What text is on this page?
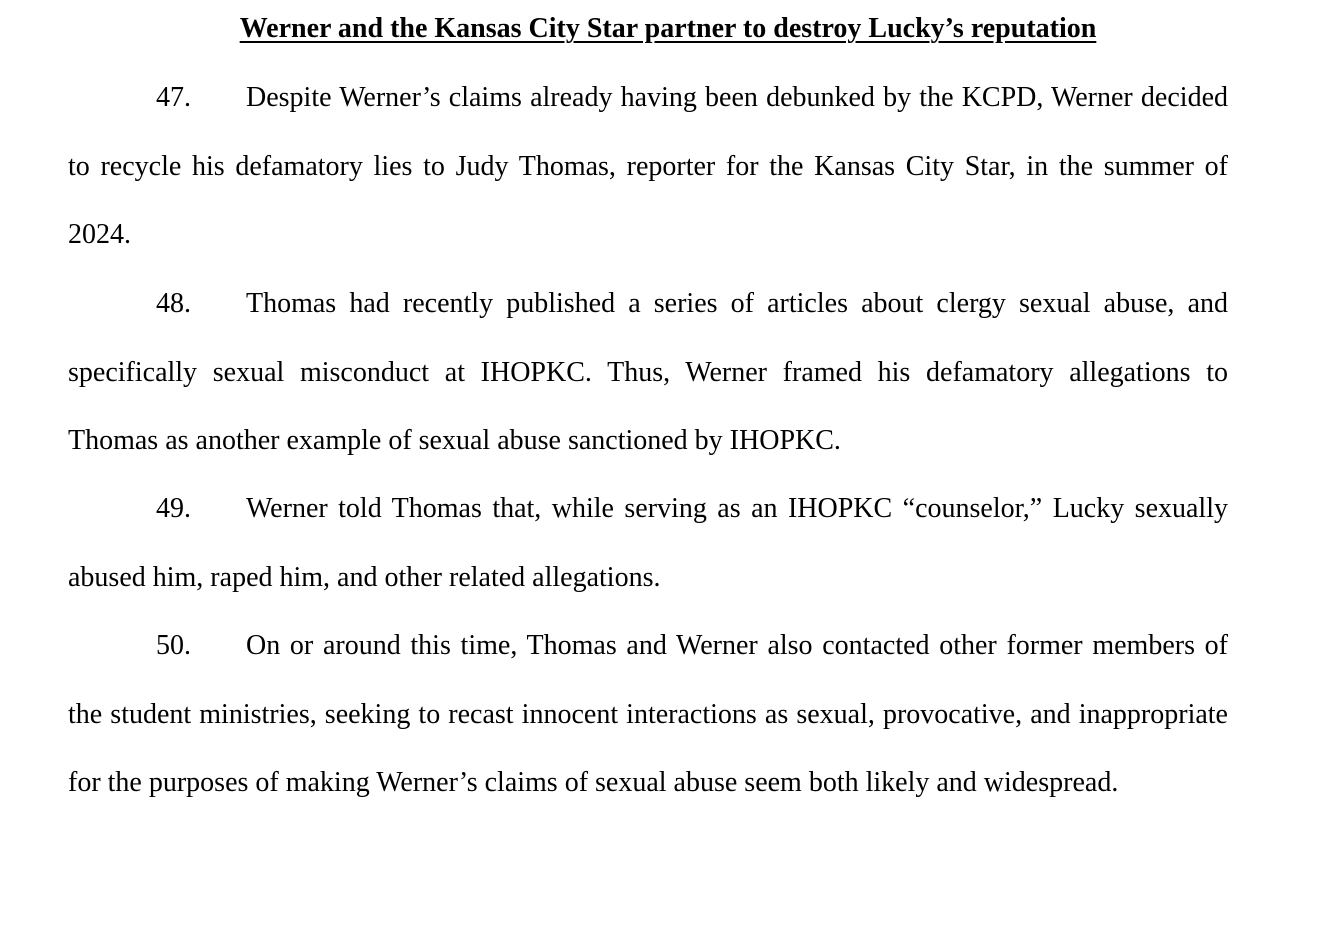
Werner and the Kansas City Star partner to destroy Lucky’s reputation

47. Despite Werner’s claims already having been debunked by the KCPD, Werner decided to recycle his defamatory lies to Judy Thomas, reporter for the Kansas City Star, in the summer of 2024.

48. Thomas had recently published a series of articles about clergy sexual abuse, and specifically sexual misconduct at IHOPKC. Thus, Werner framed his defamatory allegations to Thomas as another example of sexual abuse sanctioned by IHOPKC.

49. Werner told Thomas that, while serving as an IHOPKC “counselor,” Lucky sexually abused him, raped him, and other related allegations.

50. On or around this time, Thomas and Werner also contacted other former members of the student ministries, seeking to recast innocent interactions as sexual, provocative, and inappropriate for the purposes of making Werner’s claims of sexual abuse seem both likely and widespread.
